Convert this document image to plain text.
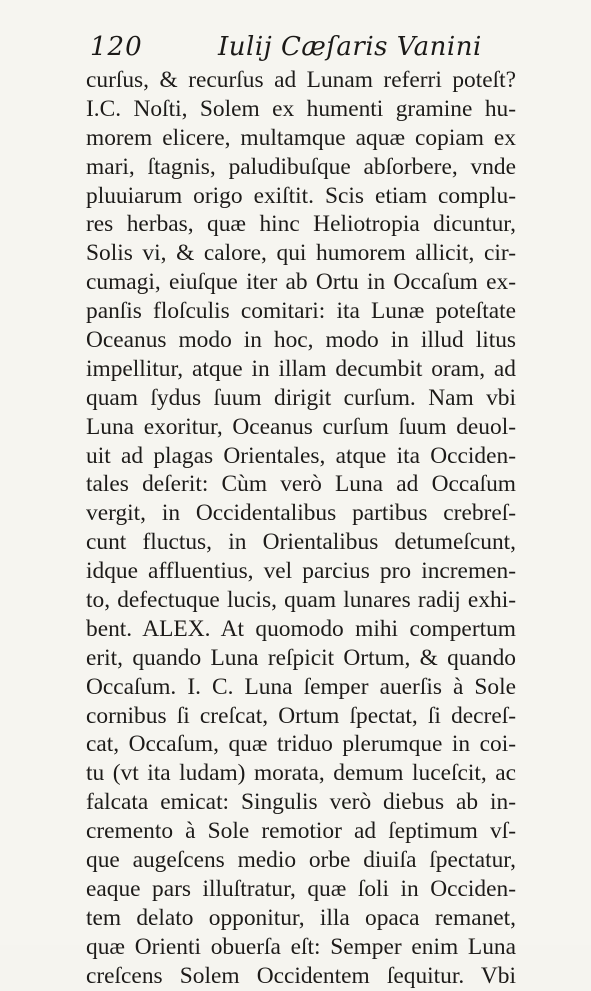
120	Iulij Cæſaris Vanini
curſus, & recurſus ad Lunam referri poteſt?
I.C. Noſti, Solem ex humenti gramine hu-
morem elicere, multamque aquæ copiam ex
mari, ſtagnis, paludibuſque abſorbere, vnde
pluuiarum origo exiſtit. Scis etiam complu-
res herbas, quæ hinc Heliotropia dicuntur,
Solis vi, & calore, qui humorem allicit, cir-
cumagi, eiuſque iter ab Ortu in Occaſum ex-
panſis floſculis comitari: ita Lunæ poteſtate
Oceanus modo in hoc, modo in illud litus
impellitur, atque in illam decumbit oram, ad
quam ſydus ſuum dirigit curſum. Nam vbi
Luna exoritur, Oceanus curſum ſuum deuol-
uit ad plagas Orientales, atque ita Occiden-
tales deſerit: Cùm verò Luna ad Occaſum
vergit, in Occidentalibus partibus crebreſ-
cunt fluctus, in Orientalibus detumeſcunt,
idque affluentius, vel parcius pro incremen-
to, defectuque lucis, quam lunares radij exhi-
bent. ALEX. At quomodo mihi compertum
erit, quando Luna reſpicit Ortum, & quando
Occaſum. I. C. Luna ſemper auerſis à Sole
cornibus ſi creſcat, Ortum ſpectat, ſi decreſ-
cat, Occaſum, quæ triduo plerumque in coi-
tu (vt ita ludam) morata, demum luceſcit, ac
falcata emicat: Singulis verò diebus ab in-
cremento à Sole remotior ad ſeptimum vſ-
que augeſcens medio orbe diuiſa ſpectatur,
eaque pars illuſtratur, quæ ſoli in Occiden-
tem delato opponitur, illa opaca remanet,
quæ Orienti obuerſa eſt: Semper enim Luna
creſcens Solem Occidentem ſequitur. Vbi
